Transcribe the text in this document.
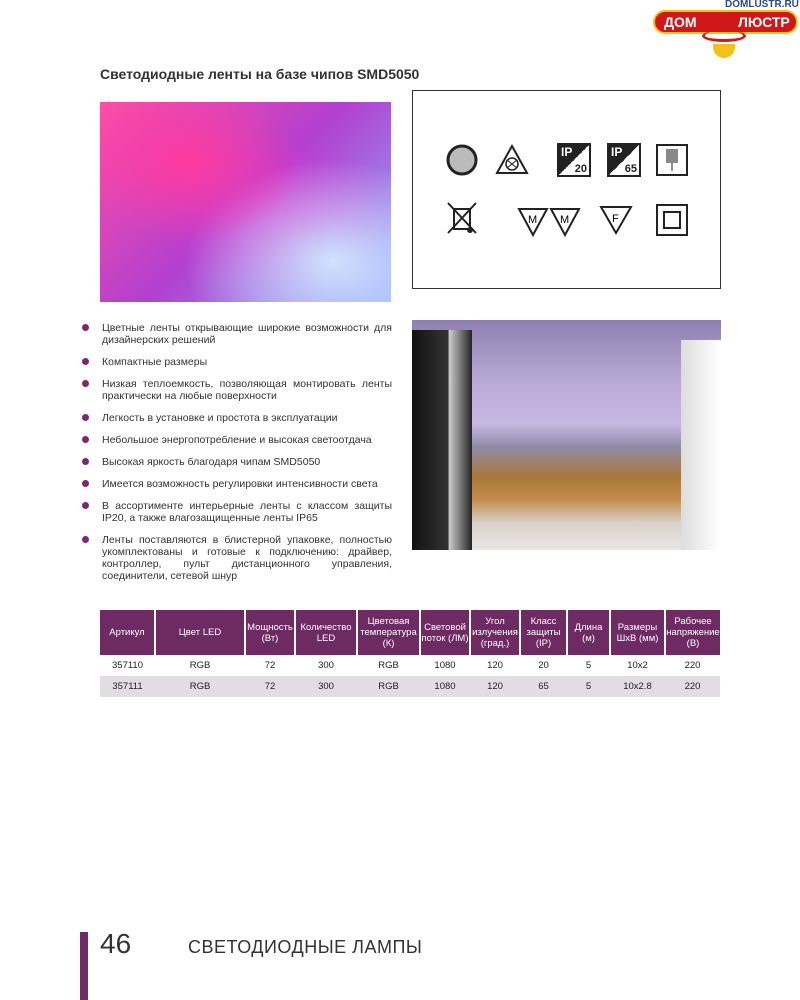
DOMLUSTR.RU
ДОМ	ЛЮСТР
Светодиодные ленты на базе чипов SMD5050
IP
20
IP
65
M M	F
Цветные ленты открывающие широкие возможности для дизайнерских решений
Компактные размеры
Низкая теплоемкость, позволяющая монтировать ленты практически на любые поверхности
Легкость в установке и простота в эксплуатации
Небольшое энергопотребление и высокая светоотдача
Высокая яркость благодаря чипам SMD5050
Имеется возможность регулировки интенсивности света
В ассортименте интерьерные ленты с классом защиты IP20, а также влагозащищенные ленты IP65
Ленты поставляются в блистерной упаковке, полностью укомплектованы и готовые к подключению: драйвер, контроллер, пульт дистанционного управления, соединители, сетевой шнур
Артикул	Цвет LED	Мощность (Вт)	Количество LED	Цветовая температура (К)	Световой поток (ЛМ)	Угол излучения (град.)	Класс защиты (IP)	Длина (м)	Размеры ШхВ (мм)	Рабочее напряжение (В)
357110	RGB	72	300	RGB	1080	120	20	5	10x2	220
357111	RGB	72	300	RGB	1080	120	65	5	10x2.8	220
46	СВЕТОДИОДНЫЕ ЛАМПЫ
